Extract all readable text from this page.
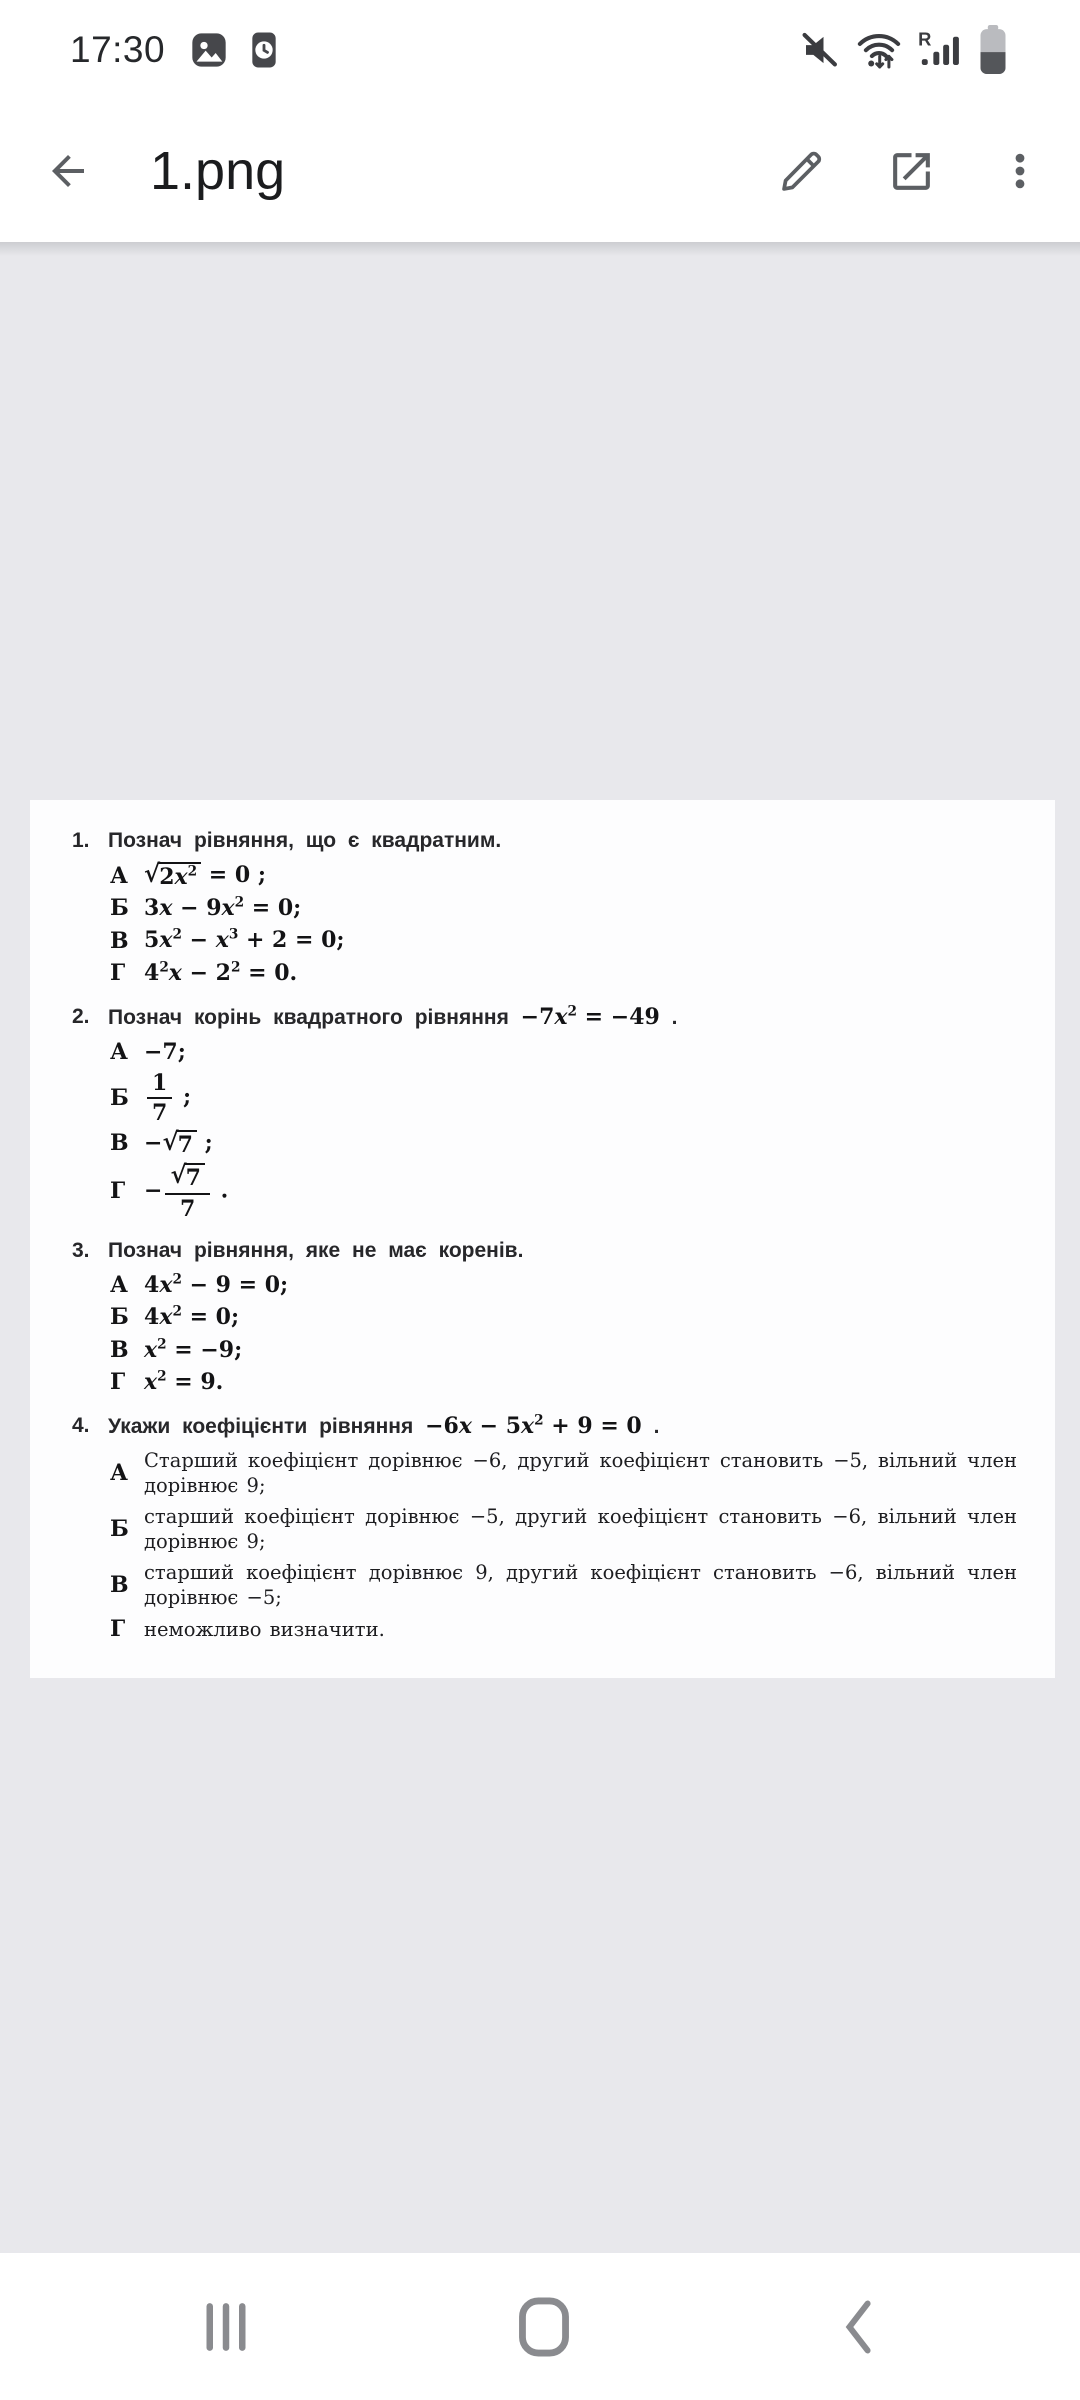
17:30	R
1.png
1. Познач рівняння, що є квадратним.
А √ $2x^2 = 0$ ;
Б $3x - 9x^2 = 0$;
В $5x^2 - x^3 + 2 = 0$;
Г $4^2x - 2^2 = 0$.
2. Познач корінь квадратного рівняння $-7x^2 = -49$ .
А −7;
Б $\frac{1}{7}$ ;
В − √ 7 ;
$Г - \frac{√ 7}{7}$ .
3. Познач рівняння, яке не має коренів.
А $4x^2 - 9 = 0$;
Б $4x^2 = 0$;
В $x^2 = -9$;
Г $x^2 = 9$.
4. Укажи коефіцієнти рівняння $-6x - 5x^2 + 9 = 0$ .
А Старший коефіцієнт дорівнює −6, другий коефіцієнт становить −5, вільний член дорівнює 9;
Б старший коефіцієнт дорівнює −5, другий коефіцієнт становить −6, вільний член дорівнює 9;
В старший коефіцієнт дорівнює 9, другий коефіцієнт становить −6, вільний член дорівнює −5;
Г неможливо визначити.
